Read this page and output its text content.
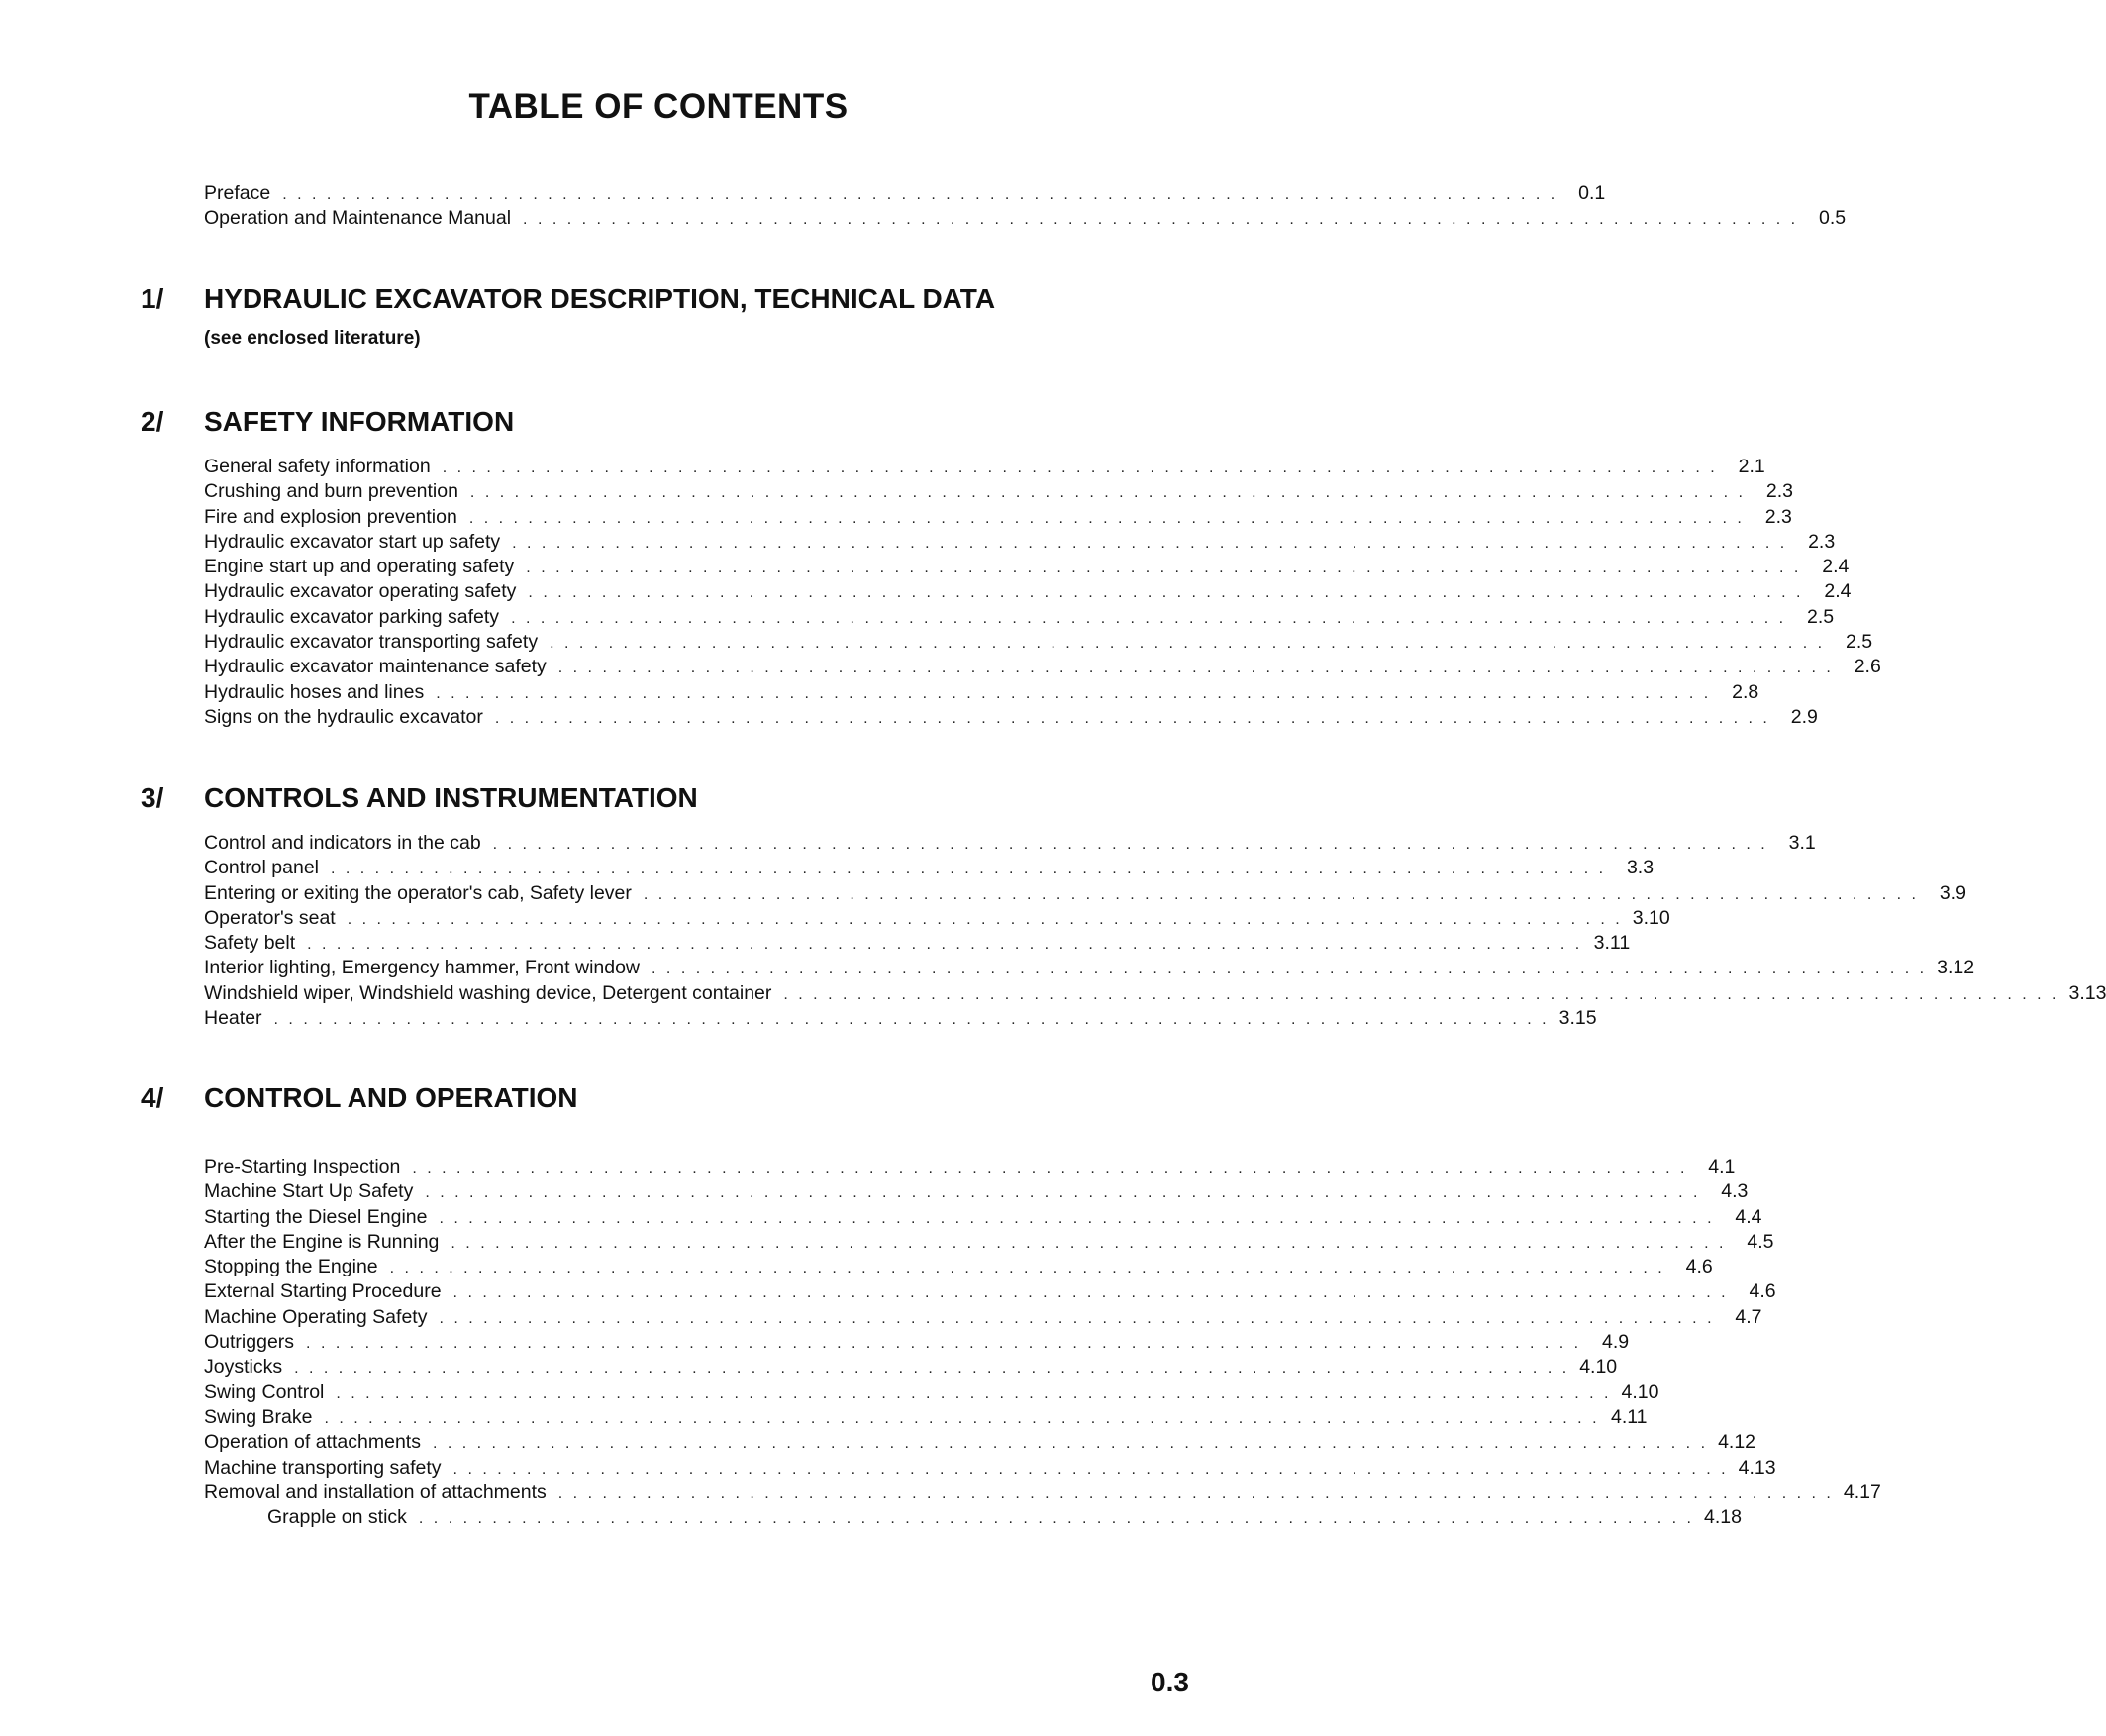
TABLE OF CONTENTS
Preface . . . . . . . . . . . . . . . . . . . . . . . . . . . . . . . . . . . . . . . . . . . . . . . . . . . . . . . . . . . . . . . . . . . . . . . . . . . . . . . . . . . . . . .	0.1
Operation and Maintenance Manual . . . . . . . . . . . . . . . . . . . . . . . . . . . . . . . . . . . . . . . . . . . . . . . . . . . . . . . . . . . . . . . . . . . . . . . . . . . . . . . . . . . . . . .	0.5
1/ HYDRAULIC EXCAVATOR DESCRIPTION, TECHNICAL DATA
(see enclosed literature)
2/ SAFETY INFORMATION
General safety information . . . . . . . . . . . . . . . . . . . . . . . . . . . . . . . . . . . . . . . . . . . . . . . . . . . . . . . . . . . . . . . . . . . . . . . . . . . . . . . . . . . . . . .	2.1
Crushing and burn prevention . . . . . . . . . . . . . . . . . . . . . . . . . . . . . . . . . . . . . . . . . . . . . . . . . . . . . . . . . . . . . . . . . . . . . . . . . . . . . . . . . . . . . . .	2.3
Fire and explosion prevention . . . . . . . . . . . . . . . . . . . . . . . . . . . . . . . . . . . . . . . . . . . . . . . . . . . . . . . . . . . . . . . . . . . . . . . . . . . . . . . . . . . . . . .	2.3
Hydraulic excavator start up safety . . . . . . . . . . . . . . . . . . . . . . . . . . . . . . . . . . . . . . . . . . . . . . . . . . . . . . . . . . . . . . . . . . . . . . . . . . . . . . . . . . . . . . .	2.3
Engine start up and operating safety . . . . . . . . . . . . . . . . . . . . . . . . . . . . . . . . . . . . . . . . . . . . . . . . . . . . . . . . . . . . . . . . . . . . . . . . . . . . . . . . . . . . . . .	2.4
Hydraulic excavator operating safety . . . . . . . . . . . . . . . . . . . . . . . . . . . . . . . . . . . . . . . . . . . . . . . . . . . . . . . . . . . . . . . . . . . . . . . . . . . . . . . . . . . . . . .	2.4
Hydraulic excavator parking safety . . . . . . . . . . . . . . . . . . . . . . . . . . . . . . . . . . . . . . . . . . . . . . . . . . . . . . . . . . . . . . . . . . . . . . . . . . . . . . . . . . . . . . .	2.5
Hydraulic excavator transporting safety . . . . . . . . . . . . . . . . . . . . . . . . . . . . . . . . . . . . . . . . . . . . . . . . . . . . . . . . . . . . . . . . . . . . . . . . . . . . . . . . . . . . . . .	2.5
Hydraulic excavator maintenance safety . . . . . . . . . . . . . . . . . . . . . . . . . . . . . . . . . . . . . . . . . . . . . . . . . . . . . . . . . . . . . . . . . . . . . . . . . . . . . . . . . . . . . . .	2.6
Hydraulic hoses and lines . . . . . . . . . . . . . . . . . . . . . . . . . . . . . . . . . . . . . . . . . . . . . . . . . . . . . . . . . . . . . . . . . . . . . . . . . . . . . . . . . . . . . . .	2.8
Signs on the hydraulic excavator . . . . . . . . . . . . . . . . . . . . . . . . . . . . . . . . . . . . . . . . . . . . . . . . . . . . . . . . . . . . . . . . . . . . . . . . . . . . . . . . . . . . . . .	2.9
3/ CONTROLS AND INSTRUMENTATION
Control and indicators in the cab . . . . . . . . . . . . . . . . . . . . . . . . . . . . . . . . . . . . . . . . . . . . . . . . . . . . . . . . . . . . . . . . . . . . . . . . . . . . . . . . . . . . . . .	3.1
Control panel . . . . . . . . . . . . . . . . . . . . . . . . . . . . . . . . . . . . . . . . . . . . . . . . . . . . . . . . . . . . . . . . . . . . . . . . . . . . . . . . . . . . . . .	3.3
Entering or exiting the operator's cab, Safety lever . . . . . . . . . . . . . . . . . . . . . . . . . . . . . . . . . . . . . . . . . . . . . . . . . . . . . . . . . . . . . . . . . . . . . . . . . . . . . . . . . . . . . . .	3.9
Operator's seat . . . . . . . . . . . . . . . . . . . . . . . . . . . . . . . . . . . . . . . . . . . . . . . . . . . . . . . . . . . . . . . . . . . . . . . . . . . . . . . . . . . . . . . 3.10
Safety belt . . . . . . . . . . . . . . . . . . . . . . . . . . . . . . . . . . . . . . . . . . . . . . . . . . . . . . . . . . . . . . . . . . . . . . . . . . . . . . . . . . . . . . . 3.11
Interior lighting, Emergency hammer, Front window . . . . . . . . . . . . . . . . . . . . . . . . . . . . . . . . . . . . . . . . . . . . . . . . . . . . . . . . . . . . . . . . . . . . . . . . . . . . . . . . . . . . . . . 3.12
Windshield wiper, Windshield washing device, Detergent container . . . . . . . . . . . . . . . . . . . . . . . . . . . . . . . . . . . . . . . . . . . . . . . . . . . . . . . . . . . . . . . . . . . . . . . . . . . . . . . . . . . . . . . 3.13
Heater . . . . . . . . . . . . . . . . . . . . . . . . . . . . . . . . . . . . . . . . . . . . . . . . . . . . . . . . . . . . . . . . . . . . . . . . . . . . . . . . . . . . . . . 3.15
4/ CONTROL AND OPERATION
Pre-Starting Inspection . . . . . . . . . . . . . . . . . . . . . . . . . . . . . . . . . . . . . . . . . . . . . . . . . . . . . . . . . . . . . . . . . . . . . . . . . . . . . . . . . . . . . . .	4.1
Machine Start Up Safety . . . . . . . . . . . . . . . . . . . . . . . . . . . . . . . . . . . . . . . . . . . . . . . . . . . . . . . . . . . . . . . . . . . . . . . . . . . . . . . . . . . . . . .	4.3
Starting the Diesel Engine . . . . . . . . . . . . . . . . . . . . . . . . . . . . . . . . . . . . . . . . . . . . . . . . . . . . . . . . . . . . . . . . . . . . . . . . . . . . . . . . . . . . . . .	4.4
After the Engine is Running . . . . . . . . . . . . . . . . . . . . . . . . . . . . . . . . . . . . . . . . . . . . . . . . . . . . . . . . . . . . . . . . . . . . . . . . . . . . . . . . . . . . . . .	4.5
Stopping the Engine . . . . . . . . . . . . . . . . . . . . . . . . . . . . . . . . . . . . . . . . . . . . . . . . . . . . . . . . . . . . . . . . . . . . . . . . . . . . . . . . . . . . . . .	4.6
External Starting Procedure . . . . . . . . . . . . . . . . . . . . . . . . . . . . . . . . . . . . . . . . . . . . . . . . . . . . . . . . . . . . . . . . . . . . . . . . . . . . . . . . . . . . . . .	4.6
Machine Operating Safety . . . . . . . . . . . . . . . . . . . . . . . . . . . . . . . . . . . . . . . . . . . . . . . . . . . . . . . . . . . . . . . . . . . . . . . . . . . . . . . . . . . . . . .	4.7
Outriggers . . . . . . . . . . . . . . . . . . . . . . . . . . . . . . . . . . . . . . . . . . . . . . . . . . . . . . . . . . . . . . . . . . . . . . . . . . . . . . . . . . . . . . .	4.9
Joysticks . . . . . . . . . . . . . . . . . . . . . . . . . . . . . . . . . . . . . . . . . . . . . . . . . . . . . . . . . . . . . . . . . . . . . . . . . . . . . . . . . . . . . . . 4.10
Swing Control . . . . . . . . . . . . . . . . . . . . . . . . . . . . . . . . . . . . . . . . . . . . . . . . . . . . . . . . . . . . . . . . . . . . . . . . . . . . . . . . . . . . . . . 4.10
Swing Brake . . . . . . . . . . . . . . . . . . . . . . . . . . . . . . . . . . . . . . . . . . . . . . . . . . . . . . . . . . . . . . . . . . . . . . . . . . . . . . . . . . . . . . . 4.11
Operation of attachments . . . . . . . . . . . . . . . . . . . . . . . . . . . . . . . . . . . . . . . . . . . . . . . . . . . . . . . . . . . . . . . . . . . . . . . . . . . . . . . . . . . . . . . 4.12
Machine transporting safety . . . . . . . . . . . . . . . . . . . . . . . . . . . . . . . . . . . . . . . . . . . . . . . . . . . . . . . . . . . . . . . . . . . . . . . . . . . . . . . . . . . . . . . 4.13
Removal and installation of attachments . . . . . . . . . . . . . . . . . . . . . . . . . . . . . . . . . . . . . . . . . . . . . . . . . . . . . . . . . . . . . . . . . . . . . . . . . . . . . . . . . . . . . . . 4.17
Grapple on stick . . . . . . . . . . . . . . . . . . . . . . . . . . . . . . . . . . . . . . . . . . . . . . . . . . . . . . . . . . . . . . . . . . . . . . . . . . . . . . . . . . . . . . . 4.18
0.3
